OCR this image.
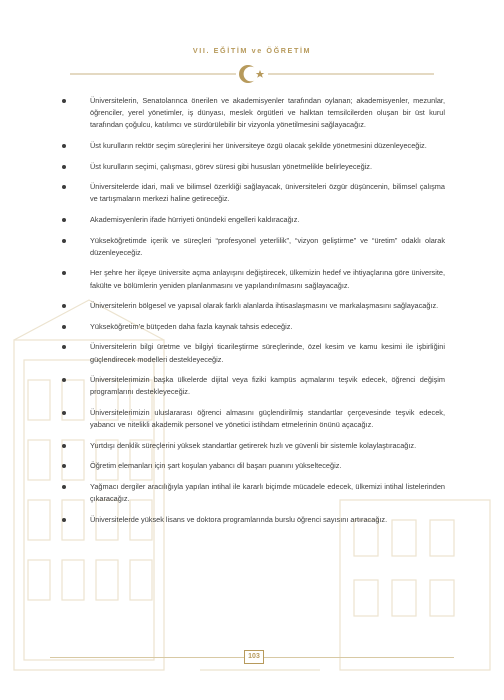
VII. EĞİTİM ve ÖĞRETİM
Üniversitelerin, Senatolarınca önerilen ve akademisyenler tarafından oylanan; akademisyenler, mezunlar, öğrenciler, yerel yönetimler, iş dünyası, meslek örgütleri ve halktan temsilcilerden oluşan bir üst kurul tarafından çoğulcu, katılımcı ve sürdürülebilir bir vizyonla yönetilmesini sağlayacağız.
Üst kurulların rektör seçim süreçlerini her üniversiteye özgü olacak şekilde yönetmesini düzenleyeceğiz.
Üst kurulların seçimi, çalışması, görev süresi gibi hususları yönetmelikle belirleyeceğiz.
Üniversitelerde idari, mali ve bilimsel özerkliği sağlayacak, üniversiteleri özgür düşüncenin, bilimsel çalışma ve tartışmaların merkezi haline getireceğiz.
Akademisyenlerin ifade hürriyeti önündeki engelleri kaldıracağız.
Yükseköğretimde içerik ve süreçleri “profesyonel yeterlilik”, “vizyon geliştirme” ve “üretim” odaklı olarak düzenleyeceğiz.
Her şehre her ilçeye üniversite açma anlayışını değiştirecek, ülkemizin hedef ve ihtiyaçlarına göre üniversite, fakülte ve bölümlerin yeniden planlanmasını ve yapılandırılmasını sağlayacağız.
Üniversitelerin bölgesel ve yapısal olarak farklı alanlarda ihtisaslaşmasını ve markalaşmasını sağlayacağız.
Yükseköğretim’e bütçeden daha fazla kaynak tahsis edeceğiz.
Üniversitelerin bilgi üretme ve bilgiyi ticarileştirme süreçlerinde, özel kesim ve kamu kesimi ile işbirliğini güçlendirecek modelleri destekleyeceğiz.
Üniversitelerimizin başka ülkelerde dijital veya fiziki kampüs açmalarını teşvik edecek, öğrenci değişim programlarını destekleyeceğiz.
Üniversitelerimizin uluslararası öğrenci almasını güçlendirilmiş standartlar çerçevesinde teşvik edecek, yabancı ve nitelikli akademik personel ve yönetici istihdam etmelerinin önünü açacağız.
Yurtdışı denklik süreçlerini yüksek standartlar getirerek hızlı ve güvenli bir sistemle kolaylaştıracağız.
Öğretim elemanları için şart koşulan yabancı dil başarı puanını yükselteceğiz.
Yağmacı dergiler aracılığıyla yapılan intihal ile kararlı biçimde mücadele edecek, ülkemizi intihal listelerinden çıkaracağız.
Üniversitelerde yüksek lisans ve doktora programlarında burslu öğrenci sayısını artıracağız.
103
